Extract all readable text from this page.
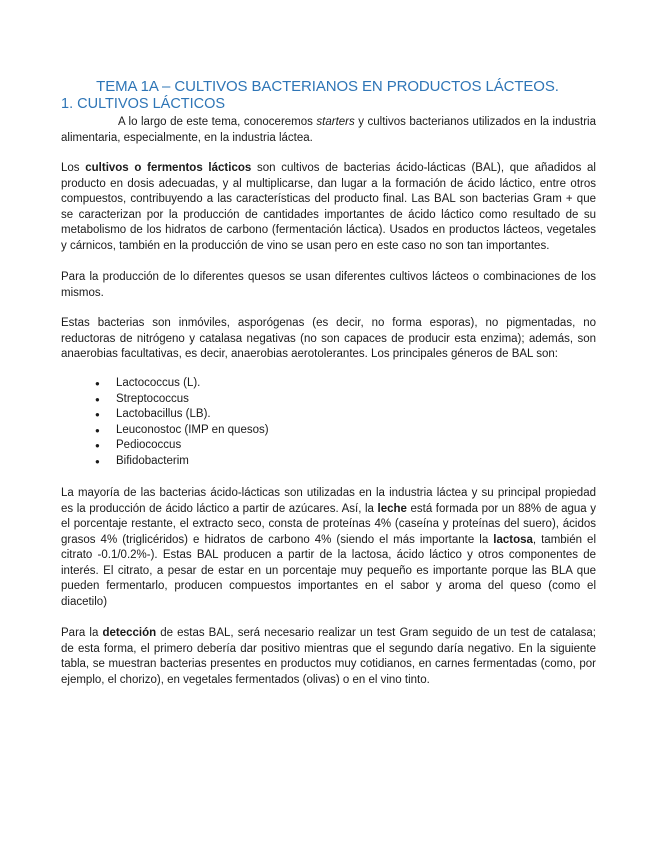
TEMA 1A – CULTIVOS BACTERIANOS EN PRODUCTOS LÁCTEOS.
1. CULTIVOS LÁCTICOS

A lo largo de este tema, conoceremos starters y cultivos bacterianos utilizados en la industria alimentaria, especialmente, en la industria láctea.

Los cultivos o fermentos lácticos son cultivos de bacterias ácido-lácticas (BAL), que añadidos al producto en dosis adecuadas, y al multiplicarse, dan lugar a la formación de ácido láctico, entre otros compuestos, contribuyendo a las características del producto final. Las BAL son bacterias Gram + que se caracterizan por la producción de cantidades importantes de ácido láctico como resultado de su metabolismo de los hidratos de carbono (fermentación láctica). Usados en productos lácteos, vegetales y cárnicos, también en la producción de vino se usan pero en este caso no son tan importantes.

Para la producción de lo diferentes quesos se usan diferentes cultivos lácteos o combinaciones de los mismos.

Estas bacterias son inmóviles, asporógenas (es decir, no forma esporas), no pigmentadas, no reductoras de nitrógeno y catalasa negativas (no son capaces de producir esta enzima); además, son anaerobias facultativas, es decir, anaerobias aerotolerantes. Los principales géneros de BAL son:

● Lactococcus (L).
● Streptococcus
● Lactobacillus (LB).
● Leuconostoc (IMP en quesos)
● Pediococcus
● Bifidobacterim

La mayoría de las bacterias ácido-lácticas son utilizadas en la industria láctea y su principal propiedad es la producción de ácido láctico a partir de azúcares. Así, la leche está formada por un 88% de agua y el porcentaje restante, el extracto seco, consta de proteínas 4% (caseína y proteínas del suero), ácidos grasos 4% (triglicéridos) e hidratos de carbono 4% (siendo el más importante la lactosa, también el citrato -0.1/0.2%-). Estas BAL producen a partir de la lactosa, ácido láctico y otros componentes de interés. El citrato, a pesar de estar en un porcentaje muy pequeño es importante porque las BLA que pueden fermentarlo, producen compuestos importantes en el sabor y aroma del queso (como el diacetilo)

Para la detección de estas BAL, será necesario realizar un test Gram seguido de un test de catalasa; de esta forma, el primero debería dar positivo mientras que el segundo daría negativo. En la siguiente tabla, se muestran bacterias presentes en productos muy cotidianos, en carnes fermentadas (como, por ejemplo, el chorizo), en vegetales fermentados (olivas) o en el vino tinto.
